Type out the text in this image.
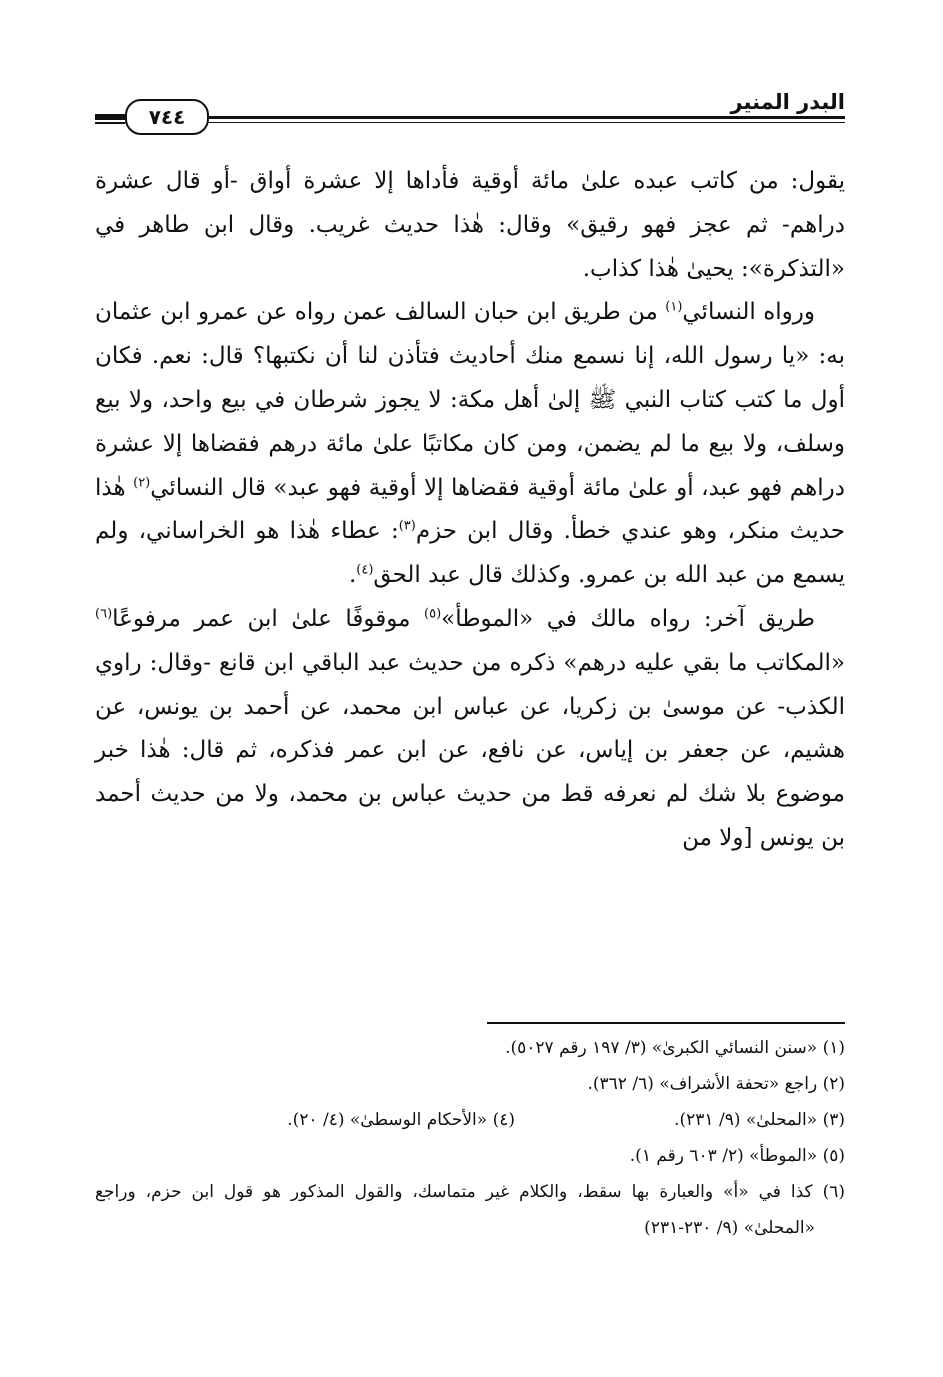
٧٤٤
البدر المنير

يقول: من كاتب عبده علىٰ مائة أوقية فأداها إلا عشرة أواق -أو قال عشرة دراهم- ثم عجز فهو رقيق» وقال: هٰذا حديث غريب. وقال ابن طاهر في «التذكرة»: يحيىٰ هٰذا كذاب.

ورواه النسائي$^{(١)}$ من طريق ابن حبان السالف عمن رواه عن عمرو ابن عثمان به: «يا رسول الله، إنا نسمع منك أحاديث فتأذن لنا أن نكتبها؟ قال: نعم. فكان أول ما كتب كتاب النبي ﷺ إلىٰ أهل مكة: لا يجوز شرطان في بيع واحد، ولا بيع وسلف، ولا بيع ما لم يضمن، ومن كان مكاتبًا علىٰ مائة درهم فقضاها إلا عشرة دراهم فهو عبد، أو علىٰ مائة أوقية فقضاها إلا أوقية فهو عبد» قال النسائي$^{(٢)}$ هٰذا حديث منكر، وهو عندي خطأ. وقال ابن حزم$^{(٣)}$: عطاء هٰذا هو الخراساني، ولم يسمع من عبد الله بن عمرو. وكذلك قال عبد الحق$^{(٤)}$.

طريق آخر: رواه مالك في «الموطأ»$^{(٥)}$ موقوفًا علىٰ ابن عمر مرفوعًا$^{(٦)}$ «المكاتب ما بقي عليه درهم» ذكره من حديث عبد الباقي ابن قانع -وقال: راوي الكذب- عن موسىٰ بن زكريا، عن عباس ابن محمد، عن أحمد بن يونس، عن هشيم، عن جعفر بن إياس، عن نافع، عن ابن عمر فذكره، ثم قال: هٰذا خبر موضوع بلا شك لم نعرفه قط من حديث عباس بن محمد، ولا من حديث أحمد بن يونس [ولا من

(١) «سنن النسائي الكبرىٰ» (٣/ ١٩٧ رقم ٥٠٢٧).

(٢) راجع «تحفة الأشراف» (٦/ ٣٦٢).

(٣) «المحلىٰ» (٩/ ٢٣١).
(٤) «الأحكام الوسطىٰ» (٤/ ٢٠).

(٥) «الموطأ» (٢/ ٦٠٣ رقم ١).

(٦) كذا في «أ» والعبارة بها سقط، والكلام غير متماسك، والقول المذكور هو قول ابن حزم، وراجع «المحلىٰ» (٩/ ٢٣٠-٢٣١)
